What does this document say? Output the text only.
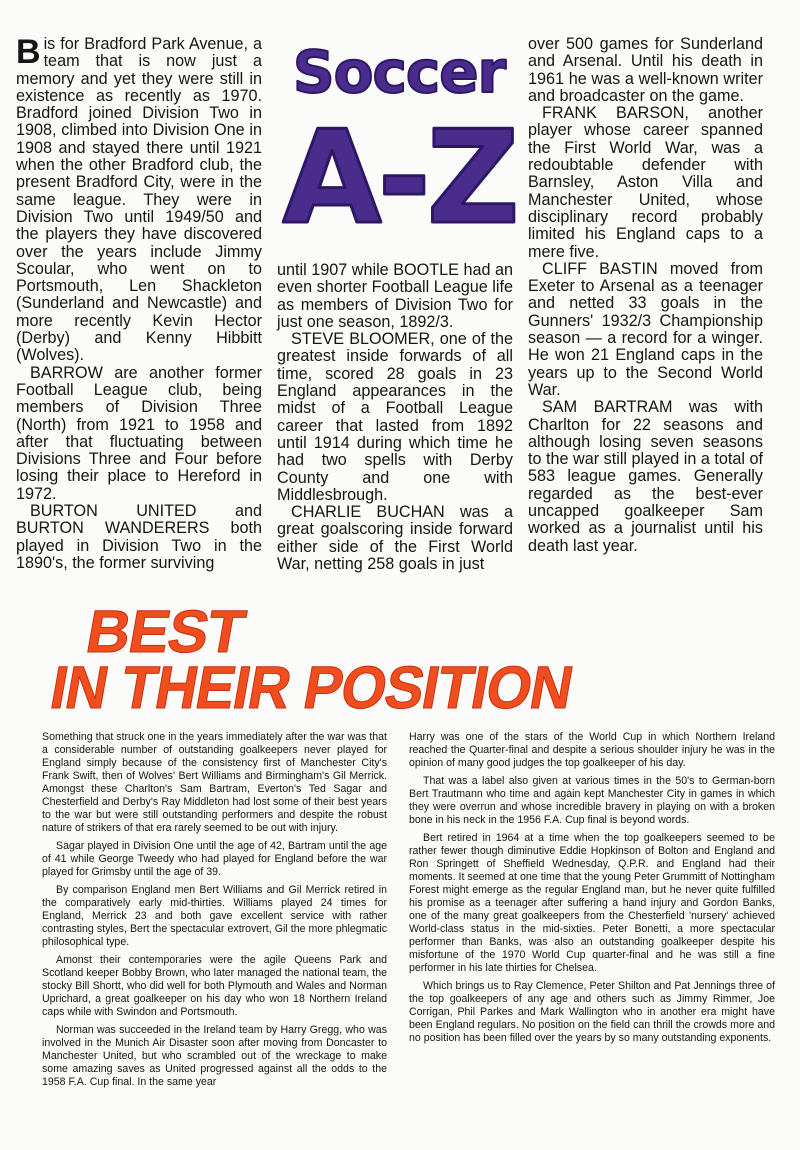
Bis for Bradford Park Avenue, a team that is now just a memory and yet they were still in existence as recently as 1970. Bradford joined Division Two in 1908, climbed into Division One in 1908 and stayed there until 1921 when the other Bradford club, the present Bradford City, were in the same league. They were in Division Two until 1949/50 and the players they have discovered over the years include Jimmy Scoular, who went on to Portsmouth, Len Shackleton (Sunderland and Newcastle) and more recently Kevin Hector (Derby) and Kenny Hibbitt (Wolves).

BARROW are another former Football League club, being members of Division Three (North) from 1921 to 1958 and after that fluctuating between Divisions Three and Four before losing their place to Hereford in 1972.

BURTON UNITED and BURTON WANDERERS both played in Division Two in the 1890's, the former surviving

Soccer
A-Z

until 1907 while BOOTLE had an even shorter Football League life as members of Division Two for just one season, 1892/3.

STEVE BLOOMER, one of the greatest inside forwards of all time, scored 28 goals in 23 England appearances in the midst of a Football League career that lasted from 1892 until 1914 during which time he had two spells with Derby County and one with Middlesbrough.

CHARLIE BUCHAN was a great goalscoring inside forward either side of the First World War, netting 258 goals in just

over 500 games for Sunderland and Arsenal. Until his death in 1961 he was a well-known writer and broadcaster on the game.

FRANK BARSON, another player whose career spanned the First World War, was a redoubtable defender with Barnsley, Aston Villa and Manchester United, whose disciplinary record probably limited his England caps to a mere five.

CLIFF BASTIN moved from Exeter to Arsenal as a teenager and netted 33 goals in the Gunners' 1932/3 Championship season — a record for a winger. He won 21 England caps in the years up to the Second World War.

SAM BARTRAM was with Charlton for 22 seasons and although losing seven seasons to the war still played in a total of 583 league games. Generally regarded as the best-ever uncapped goalkeeper Sam worked as a journalist until his death last year.

BEST
IN THEIR POSITION

Something that struck one in the years immediately after the war was that a considerable number of outstanding goalkeepers never played for England simply because of the consistency first of Manchester City's Frank Swift, then of Wolves' Bert Williams and Birmingham's Gil Merrick. Amongst these Charlton's Sam Bartram, Everton's Ted Sagar and Chesterfield and Derby's Ray Middleton had lost some of their best years to the war but were still outstanding performers and despite the robust nature of strikers of that era rarely seemed to be out with injury.

Sagar played in Division One until the age of 42, Bartram until the age of 41 while George Tweedy who had played for England before the war played for Grimsby until the age of 39.

By comparison England men Bert Williams and Gil Merrick retired in the comparatively early mid-thirties. Williams played 24 times for England, Merrick 23 and both gave excellent service with rather contrasting styles, Bert the spectacular extrovert, Gil the more phlegmatic philosophical type.

Amonst their contemporaries were the agile Queens Park and Scotland keeper Bobby Brown, who later managed the national team, the stocky Bill Shortt, who did well for both Plymouth and Wales and Norman Uprichard, a great goalkeeper on his day who won 18 Northern Ireland caps while with Swindon and Portsmouth.

Norman was succeeded in the Ireland team by Harry Gregg, who was involved in the Munich Air Disaster soon after moving from Doncaster to Manchester United, but who scrambled out of the wreckage to make some amazing saves as United progressed against all the odds to the 1958 F.A. Cup final. In the same year

Harry was one of the stars of the World Cup in which Northern Ireland reached the Quarter-final and despite a serious shoulder injury he was in the opinion of many good judges the top goalkeeper of his day.

That was a label also given at various times in the 50's to German-born Bert Trautmann who time and again kept Manchester City in games in which they were overrun and whose incredible bravery in playing on with a broken bone in his neck in the 1956 F.A. Cup final is beyond words.

Bert retired in 1964 at a time when the top goalkeepers seemed to be rather fewer though diminutive Eddie Hopkinson of Bolton and England and Ron Springett of Sheffield Wednesday, Q.P.R. and England had their moments. It seemed at one time that the young Peter Grummitt of Nottingham Forest might emerge as the regular England man, but he never quite fulfilled his promise as a teenager after suffering a hand injury and Gordon Banks, one of the many great goalkeepers from the Chesterfield 'nursery' achieved World-class status in the mid-sixties. Peter Bonetti, a more spectacular performer than Banks, was also an outstanding goalkeeper despite his misfortune of the 1970 World Cup quarter-final and he was still a fine performer in his late thirties for Chelsea.

Which brings us to Ray Clemence, Peter Shilton and Pat Jennings three of the top goalkeepers of any age and others such as Jimmy Rimmer, Joe Corrigan, Phil Parkes and Mark Wallington who in another era might have been England regulars. No position on the field can thrill the crowds more and no position has been filled over the years by so many outstanding exponents.
